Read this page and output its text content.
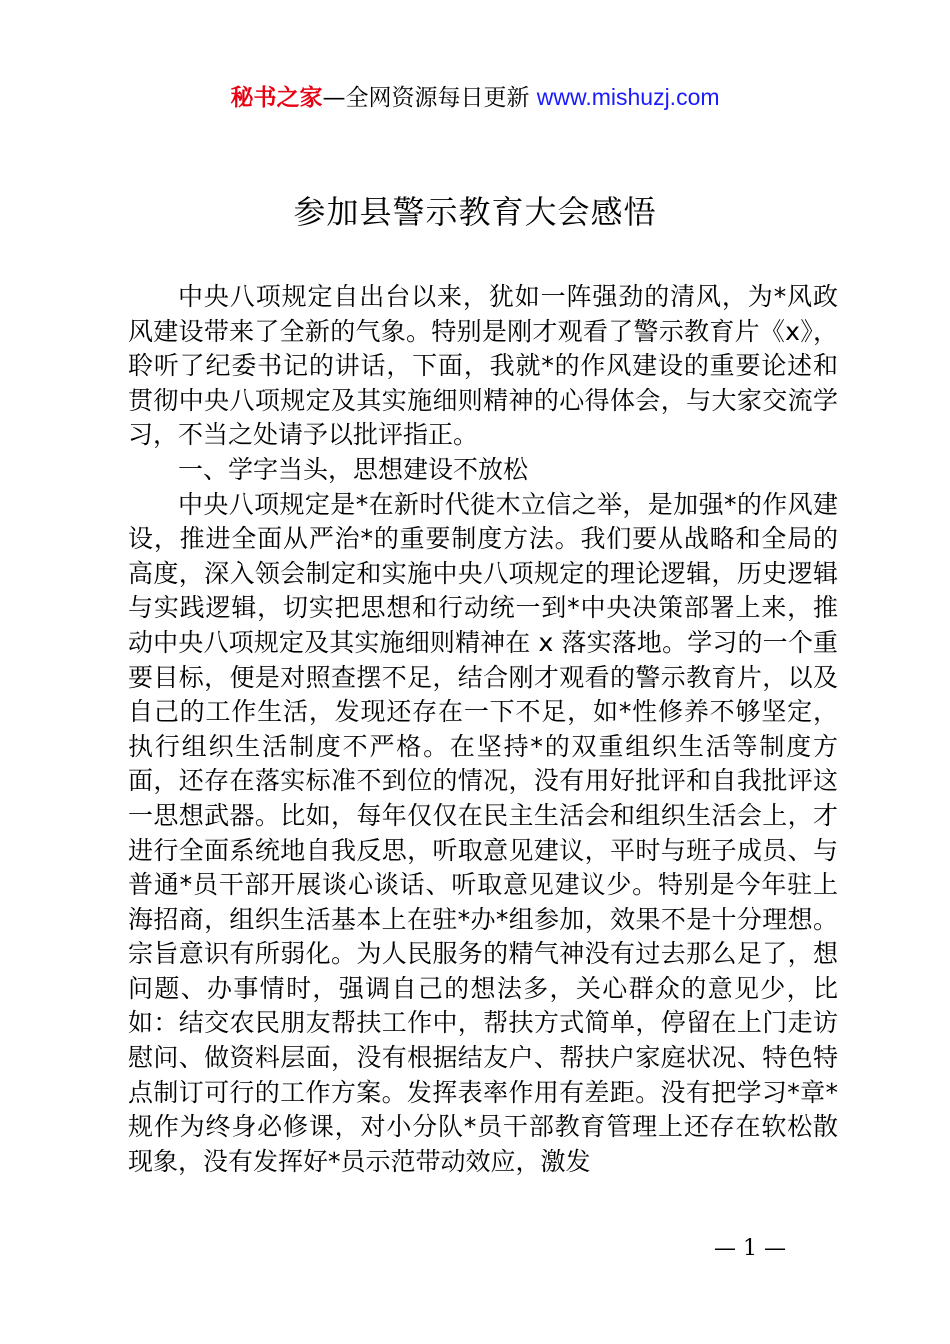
秘书之家—全网资源每日更新 www.mishuzj.com
参加县警示教育大会感悟

中央八项规定自出台以来，犹如一阵强劲的清风，为*风政风建设带来了全新的气象。特别是刚才观看了警示教育片《x》，聆听了纪委书记的讲话，下面，我就*的作风建设的重要论述和贯彻中央八项规定及其实施细则精神的心得体会，与大家交流学习，不当之处请予以批评指正。

一、学字当头，思想建设不放松

中央八项规定是*在新时代徙木立信之举，是加强*的作风建设，推进全面从严治*的重要制度方法。我们要从战略和全局的高度，深入领会制定和实施中央八项规定的理论逻辑，历史逻辑与实践逻辑，切实把思想和行动统一到*中央决策部署上来，推动中央八项规定及其实施细则精神在 x 落实落地。学习的一个重要目标，便是对照查摆不足，结合刚才观看的警示教育片，以及自己的工作生活，发现还存在一下不足，如*性修养不够坚定，执行组织生活制度不严格。在坚持*的双重组织生活等制度方面，还存在落实标准不到位的情况，没有用好批评和自我批评这一思想武器。比如，每年仅仅在民主生活会和组织生活会上，才进行全面系统地自我反思，听取意见建议，平时与班子成员、与普通*员干部开展谈心谈话、听取意见建议少。特别是今年驻上海招商，组织生活基本上在驻*办*组参加，效果不是十分理想。宗旨意识有所弱化。为人民服务的精气神没有过去那么足了，想问题、办事情时，强调自己的想法多，关心群众的意见少，比如：结交农民朋友帮扶工作中，帮扶方式简单，停留在上门走访慰问、做资料层面，没有根据结友户、帮扶户家庭状况、特色特点制订可行的工作方案。发挥表率作用有差距。没有把学习*章*规作为终身必修课，对小分队*员干部教育管理上还存在软松散现象，没有发挥好*员示范带动效应，激发

— 1 —
